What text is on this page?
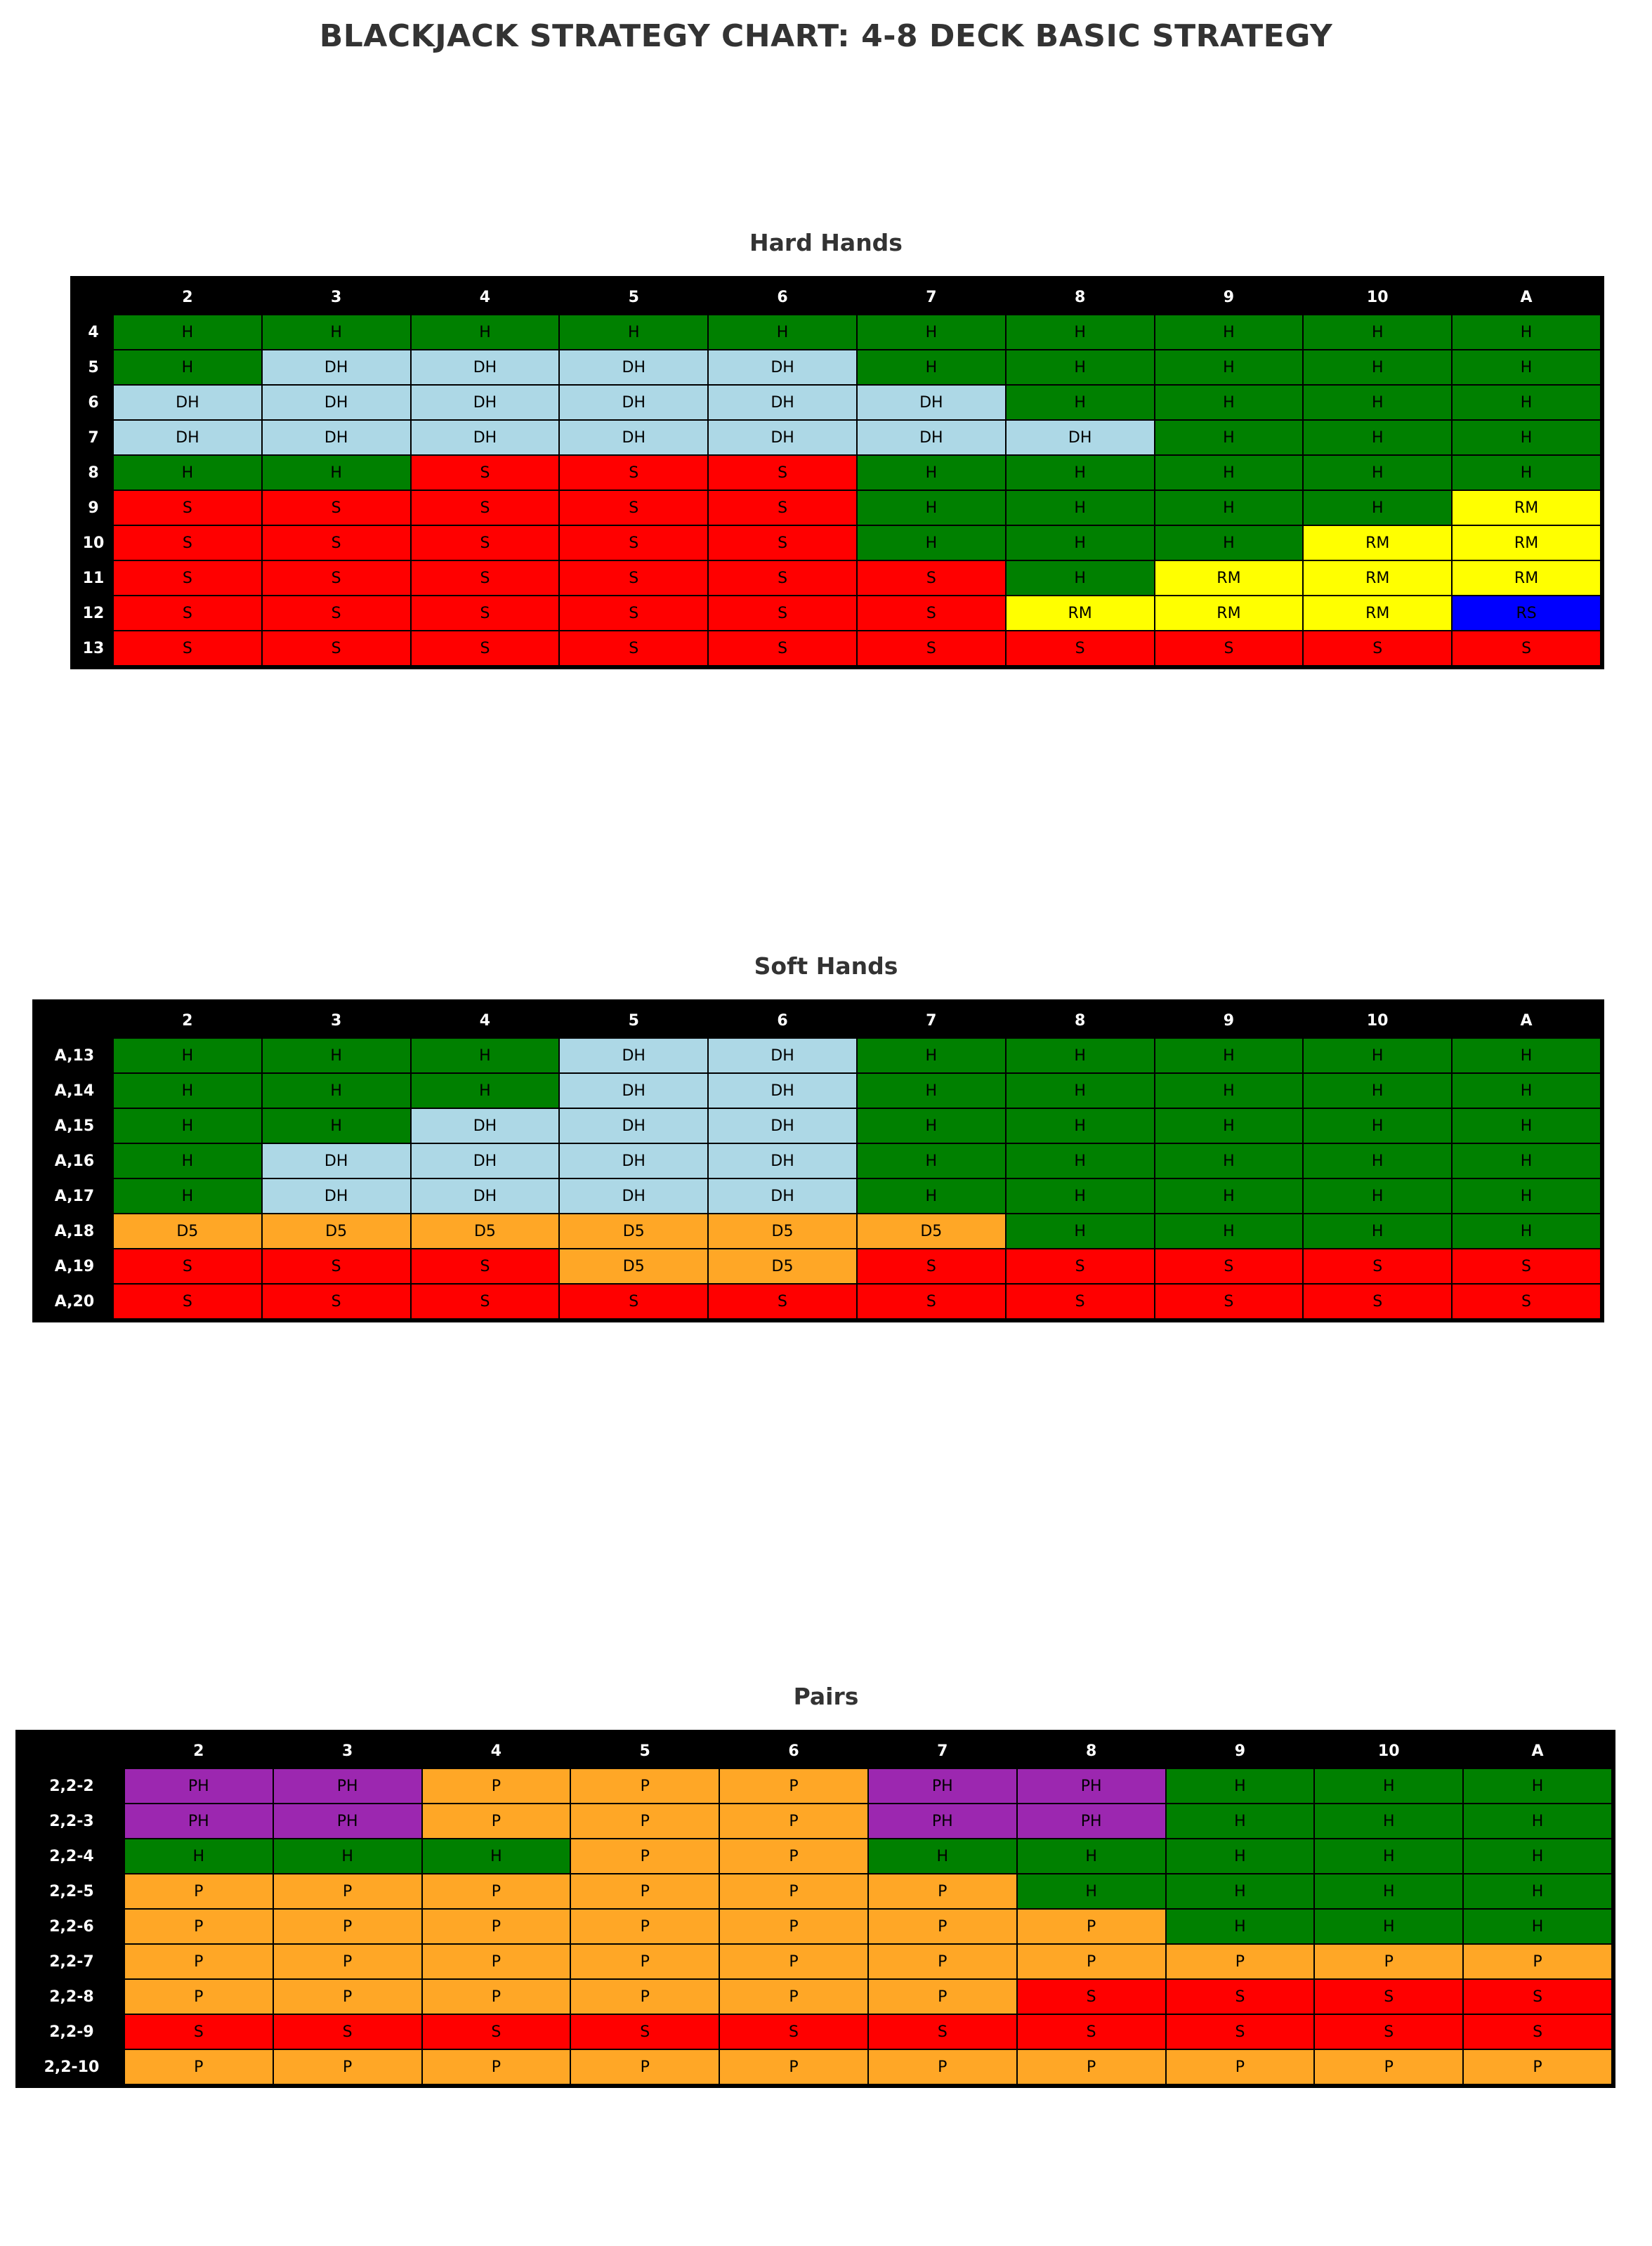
BLACKJACK STRATEGY CHART: 4-8 DECK BASIC STRATEGY
Hard Hands
	2	3	4	5	6	7	8	9	10	A
4	H	H	H	H	H	H	H	H	H	H
5	H	DH	DH	DH	DH	H	H	H	H	H
6	DH	DH	DH	DH	DH	DH	H	H	H	H
7	DH	DH	DH	DH	DH	DH	DH	H	H	H
8	H	H	S	S	S	H	H	H	H	H
9	S	S	S	S	S	H	H	H	H	RM
10	S	S	S	S	S	H	H	H	RM	RM
11	S	S	S	S	S	S	H	RM	RM	RM
12	S	S	S	S	S	S	RM	RM	RM	RS
13	S	S	S	S	S	S	S	S	S	S
Soft Hands
	2	3	4	5	6	7	8	9	10	A
A,13	H	H	H	DH	DH	H	H	H	H	H
A,14	H	H	H	DH	DH	H	H	H	H	H
A,15	H	H	DH	DH	DH	H	H	H	H	H
A,16	H	DH	DH	DH	DH	H	H	H	H	H
A,17	H	DH	DH	DH	DH	H	H	H	H	H
A,18	D5	D5	D5	D5	D5	D5	H	H	H	H
A,19	S	S	S	D5	D5	S	S	S	S	S
A,20	S	S	S	S	S	S	S	S	S	S
Pairs
	2	3	4	5	6	7	8	9	10	A
2,2-2	PH	PH	P	P	P	PH	PH	H	H	H
2,2-3	PH	PH	P	P	P	PH	PH	H	H	H
2,2-4	H	H	H	P	P	H	H	H	H	H
2,2-5	P	P	P	P	P	P	H	H	H	H
2,2-6	P	P	P	P	P	P	P	H	H	H
2,2-7	P	P	P	P	P	P	P	P	P	P
2,2-8	P	P	P	P	P	P	S	S	S	S
2,2-9	S	S	S	S	S	S	S	S	S	S
2,2-10	P	P	P	P	P	P	P	P	P	P
